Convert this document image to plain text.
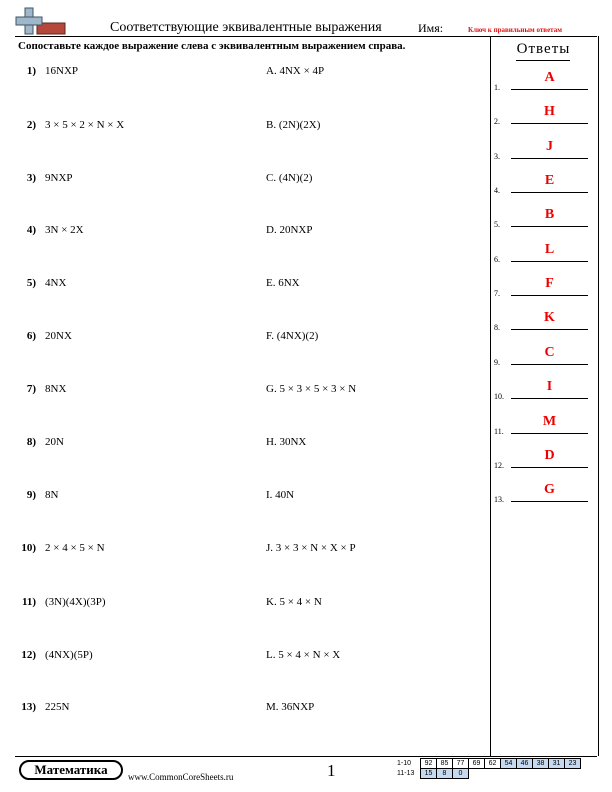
Соответствующие эквивалентные выражения	Имя:	Ключ к правильным ответам
Сопоставьте каждое выражение слева с эквивалентным выражением справа.
1) 16NXP
2) 3 × 5 × 2 × N × X
3) 9NXP
4) 3N × 2X
5) 4NX
6) 20NX
7) 8NX
8) 20N
9) 8N
10) 2 × 4 × 5 × N
11) (3N)(4X)(3P)
12) (4NX)(5P)
13) 225N
A. 4NX × 4P
B. (2N)(2X)
C. (4N)(2)
D. 20NXP
E. 6NX
F. (4NX)(2)
G. 5 × 3 × 5 × 3 × N
H. 30NX
I. 40N
J. 3 × 3 × N × X × P
K. 5 × 4 × N
L. 5 × 4 × N × X
M. 36NXP
Ответы
1.
A
2.
H
3.
J
4.
E
5.
B
6.
L
7.
F
8.
K
9.
C
10.
I
11.
M
12.
D
13.
G
Математика	www.CommonCoreSheets.ru	1	1-10	92	85	77	69	62	54	46	38	31	23
11-13	15	8	0							
